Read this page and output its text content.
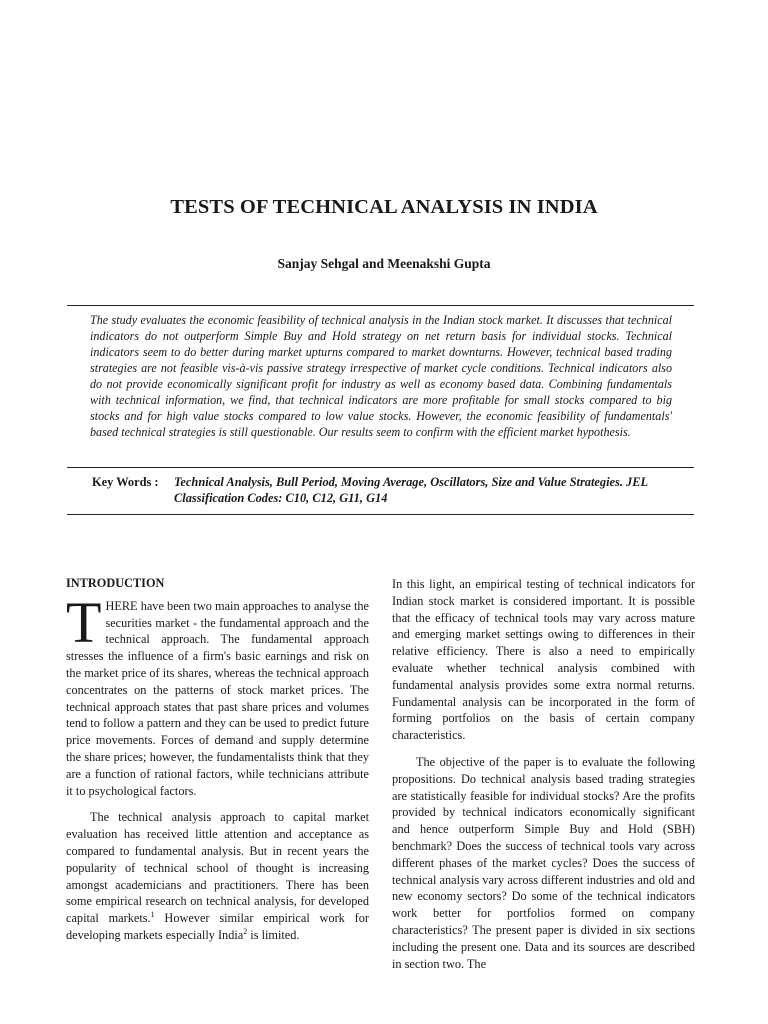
TESTS OF TECHNICAL ANALYSIS IN INDIA

Sanjay Sehgal and Meenakshi Gupta

The study evaluates the economic feasibility of technical analysis in the Indian stock market. It discusses that technical indicators do not outperform Simple Buy and Hold strategy on net return basis for individual stocks. Technical indicators seem to do better during market upturns compared to market downturns. However, technical based trading strategies are not feasible vis-à-vis passive strategy irrespective of market cycle conditions. Technical indicators also do not provide economically significant profit for industry as well as economy based data. Combining fundamentals with technical information, we find, that technical indicators are more profitable for small stocks compared to big stocks and for high value stocks compared to low value stocks. However, the economic feasibility of fundamentals' based technical strategies is still questionable. Our results seem to confirm with the efficient market hypothesis.

Key Words :	Technical Analysis, Bull Period, Moving Average, Oscillators, Size and Value Strategies. JEL Classification Codes: C10, C12, G11, G14
INTRODUCTION

T HERE have been two main approaches to analyse the securities market - the fundamental approach and the technical approach. The fundamental approach stresses the influence of a firm's basic earnings and risk on the market price of its shares, whereas the technical approach concentrates on the patterns of stock market prices. The technical approach states that past share prices and volumes tend to follow a pattern and they can be used to predict future price movements. Forces of demand and supply determine the share prices; however, the fundamentalists think that they are a function of rational factors, while technicians attribute it to psychological factors.

The technical analysis approach to capital market evaluation has received little attention and acceptance as compared to fundamental analysis. But in recent years the popularity of technical school of thought is increasing amongst academicians and practitioners. There has been some empirical research on technical analysis, for developed capital markets.$^1$ However similar empirical work for developing markets especially India$^2$ is limited.

In this light, an empirical testing of technical indicators for Indian stock market is considered important. It is possible that the efficacy of technical tools may vary across mature and emerging market settings owing to differences in their relative efficiency. There is also a need to empirically evaluate whether technical analysis combined with fundamental analysis provides some extra normal returns. Fundamental analysis can be incorporated in the form of forming portfolios on the basis of certain company characteristics.

The objective of the paper is to evaluate the following propositions. Do technical analysis based trading strategies are statistically feasible for individual stocks? Are the profits provided by technical indicators economically significant and hence outperform Simple Buy and Hold (SBH) benchmark? Does the success of technical tools vary across different phases of the market cycles? Does the success of technical analysis vary across different industries and old and new economy sectors? Do some of the technical indicators work better for portfolios formed on company characteristics? The present paper is divided in six sections including the present one. Data and its sources are described in section two. The
